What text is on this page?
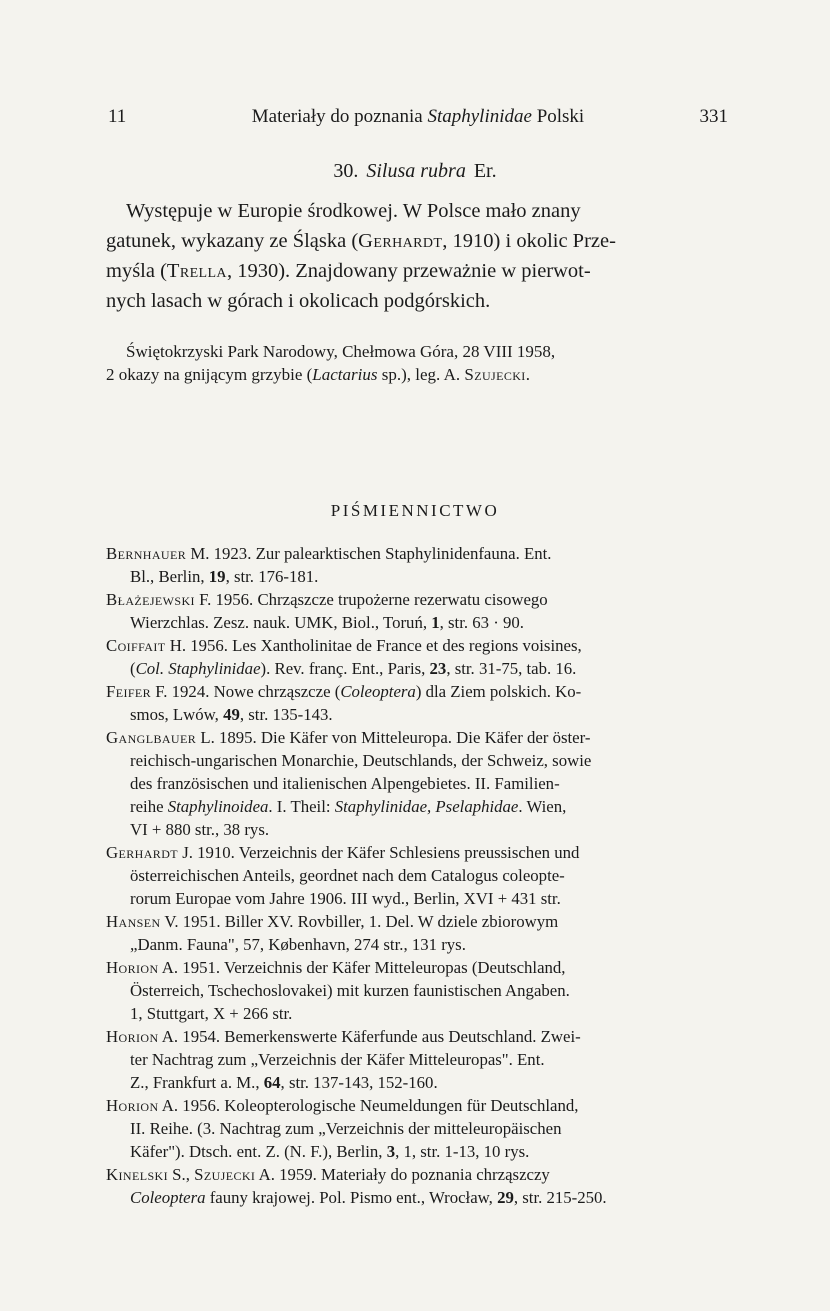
11	Materiały do poznania Staphylinidae Polski	331
30. Silusa rubra Er.
Występuje w Europie środkowej. W Polsce mało znany
gatunek, wykazany ze Śląska (Gerhardt, 1910) i okolic Prze-
myśla (Trella, 1930). Znajdowany przeważnie w pierwot-
nych lasach w górach i okolicach podgórskich.
Świętokrzyski Park Narodowy, Chełmowa Góra, 28 VIII 1958,
2 okazy na gnijącym grzybie (Lactarius sp.), leg. A. Szujecki.
PIŚMIENNICTWO
Bernhauer M. 1923. Zur palearktischen Staphylinidenfauna. Ent.
Bl., Berlin, 19, str. 176-181.
Błażejewski F. 1956. Chrząszcze trupożerne rezerwatu cisowego
Wierzchlas. Zesz. nauk. UMK, Biol., Toruń, 1, str. 63 · 90.
Coiffait H. 1956. Les Xantholinitae de France et des regions voisines,
(Col. Staphylinidae). Rev. franç. Ent., Paris, 23, str. 31-75, tab. 16.
Feifer F. 1924. Nowe chrząszcze (Coleoptera) dla Ziem polskich. Ko-
smos, Lwów, 49, str. 135-143.
Ganglbauer L. 1895. Die Käfer von Mitteleuropa. Die Käfer der öster-
reichisch-ungarischen Monarchie, Deutschlands, der Schweiz, sowie
des französischen und italienischen Alpengebietes. II. Familien-
reihe Staphylinoidea. I. Theil: Staphylinidae, Pselaphidae. Wien,
VI + 880 str., 38 rys.
Gerhardt J. 1910. Verzeichnis der Käfer Schlesiens preussischen und
österreichischen Anteils, geordnet nach dem Catalogus coleopte-
rorum Europae vom Jahre 1906. III wyd., Berlin, XVI + 431 str.
Hansen V. 1951. Biller XV. Rovbiller, 1. Del. W dziele zbiorowym
„Danm. Fauna", 57, København, 274 str., 131 rys.
Horion A. 1951. Verzeichnis der Käfer Mitteleuropas (Deutschland,
Österreich, Tschechoslovakei) mit kurzen faunistischen Angaben.
1, Stuttgart, X + 266 str.
Horion A. 1954. Bemerkenswerte Käferfunde aus Deutschland. Zwei-
ter Nachtrag zum „Verzeichnis der Käfer Mitteleuropas". Ent.
Z., Frankfurt a. M., 64, str. 137-143, 152-160.
Horion A. 1956. Koleopterologische Neumeldungen für Deutschland,
II. Reihe. (3. Nachtrag zum „Verzeichnis der mitteleuropäischen
Käfer"). Dtsch. ent. Z. (N. F.), Berlin, 3, 1, str. 1-13, 10 rys.
Kinelski S., Szujecki A. 1959. Materiały do poznania chrząszczy
Coleoptera fauny krajowej. Pol. Pismo ent., Wrocław, 29, str. 215-250.
